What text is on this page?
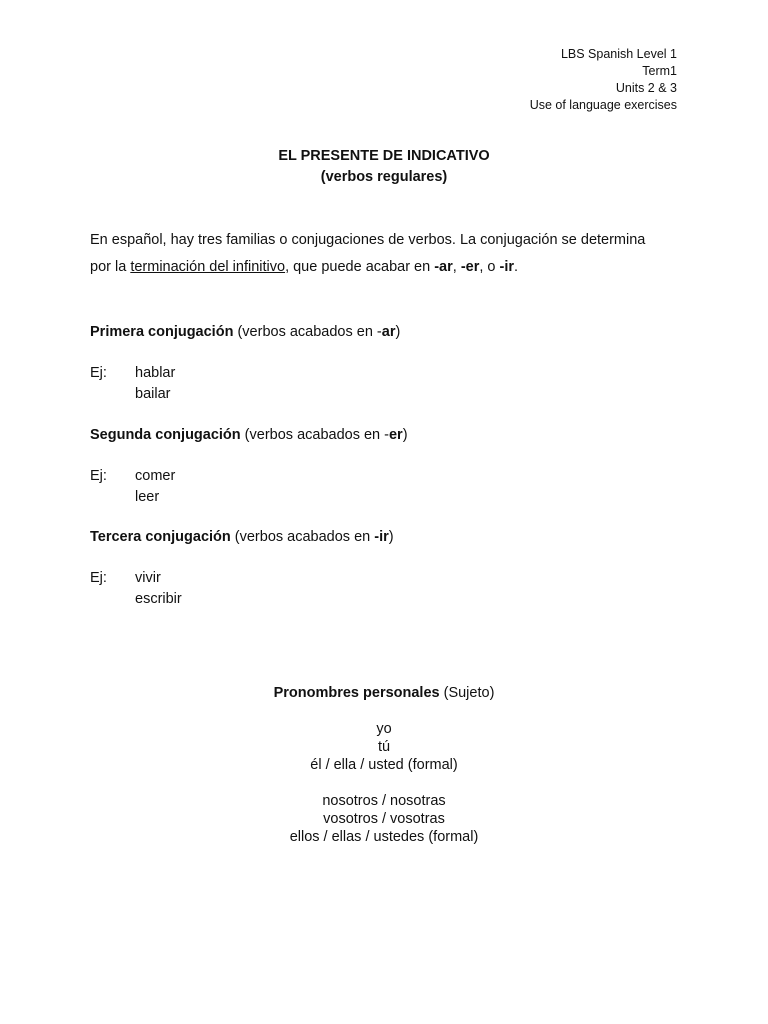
LBS Spanish Level 1
Term1
Units 2 & 3
Use of language exercises
EL PRESENTE DE INDICATIVO
(verbos regulares)
En español, hay tres familias o conjugaciones de verbos. La conjugación se determina
por la terminación del infinitivo, que puede acabar en -ar, -er, o -ir.
Primera conjugación (verbos acabados en -ar)
Ej: hablar
bailar
Segunda conjugación (verbos acabados en -er)
Ej: comer
leer
Tercera conjugación (verbos acabados en -ir)
Ej: vivir
escribir
Pronombres personales (Sujeto)
yo
tú
él / ella / usted (formal)
nosotros / nosotras
vosotros / vosotras
ellos / ellas / ustedes (formal)
